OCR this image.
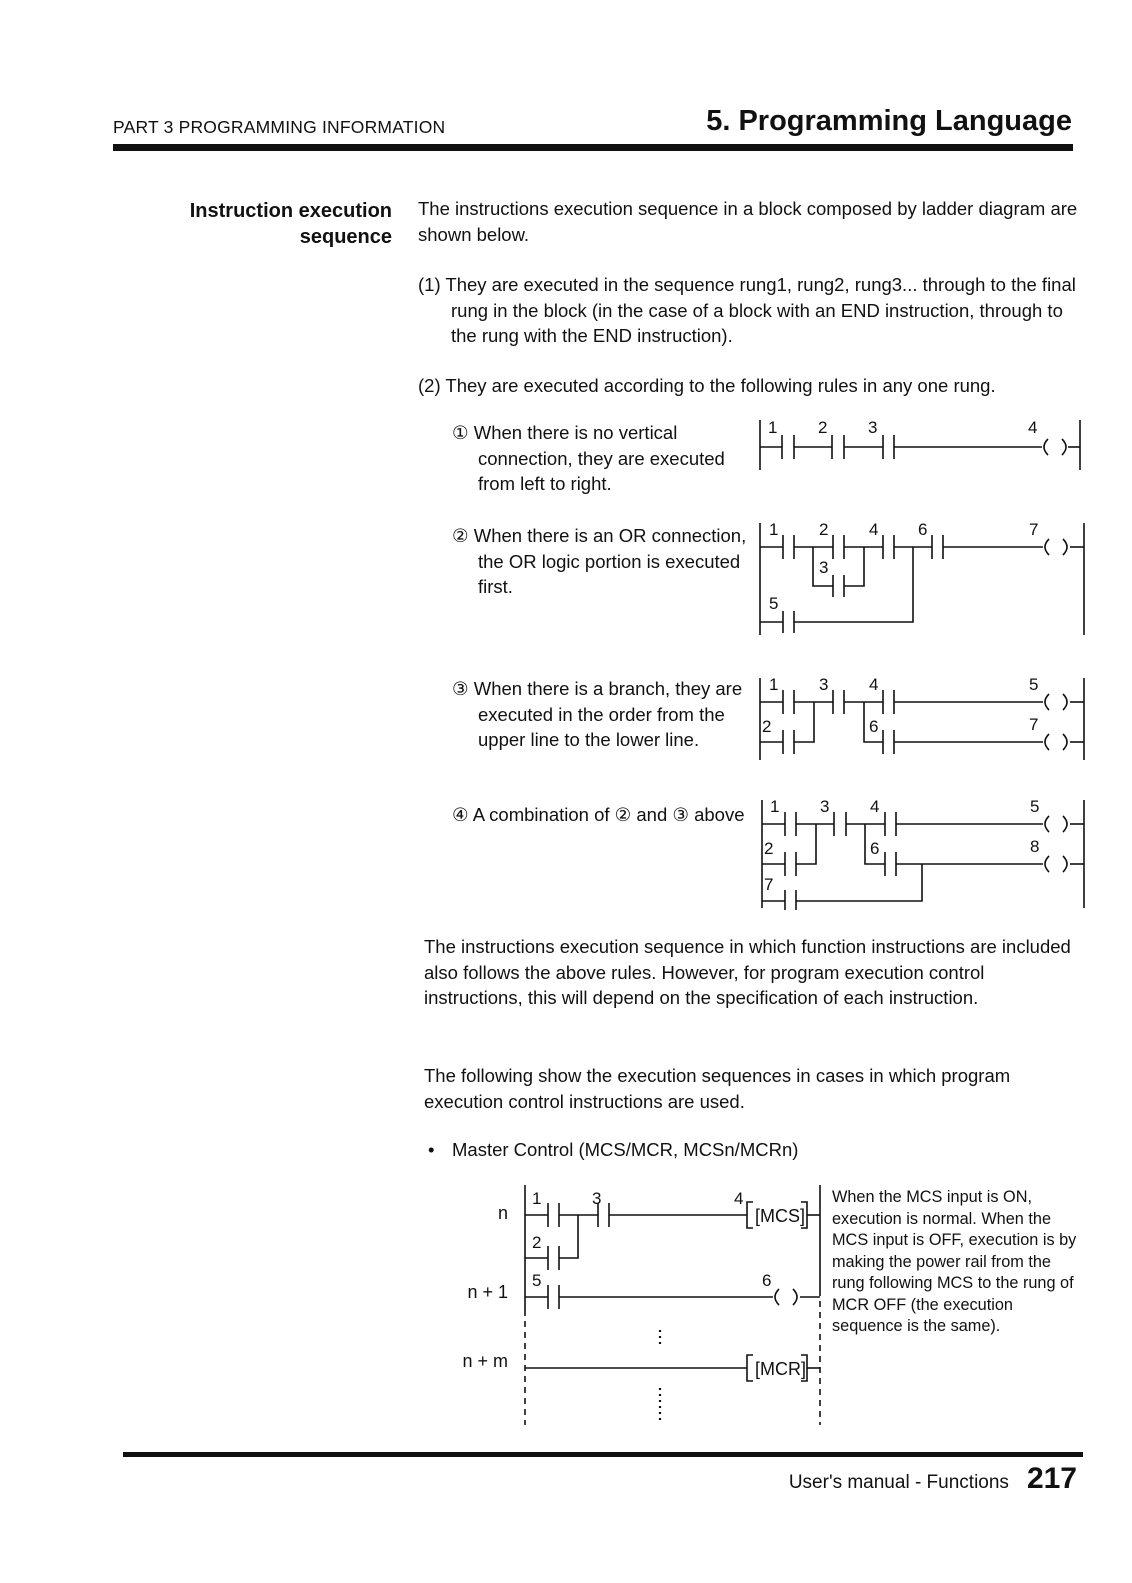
PART 3 PROGRAMMING INFORMATION	5. Programming Language
Instruction execution
sequence
The instructions execution sequence in a block composed by ladder diagram are shown below.
(1) They are executed in the sequence rung1, rung2, rung3... through to the final rung in the block (in the case of a block with an END instruction, through to the rung with the END instruction).
(2) They are executed according to the following rules in any one rung.
① When there is no vertical connection, they are executed from left to right.
② When there is an OR connection, the OR logic portion is executed first.
③ When there is a branch, they are executed in the order from the upper line to the lower line.
④ A combination of ② and ③ above
1 2 3	4
1 2
3
4
5
6	7
1
2
3 4	5
6	7
1
2
3 4	5
6
7
8
The instructions execution sequence in which function instructions are included also follows the above rules. However, for program execution control instructions, this will depend on the specification of each instruction.
The following show the execution sequences in cases in which program execution control instructions are used.
• Master Control (MCS/MCR, MCSn/MCRn)
n
n + 1
n + m
[MCS]
[MCR]
1
2
3	4
5	6
When the MCS input is ON, execution is normal. When the MCS input is OFF, execution is by making the power rail from the rung following MCS to the rung of MCR OFF (the execution sequence is the same).
User's manual - Functions 217
